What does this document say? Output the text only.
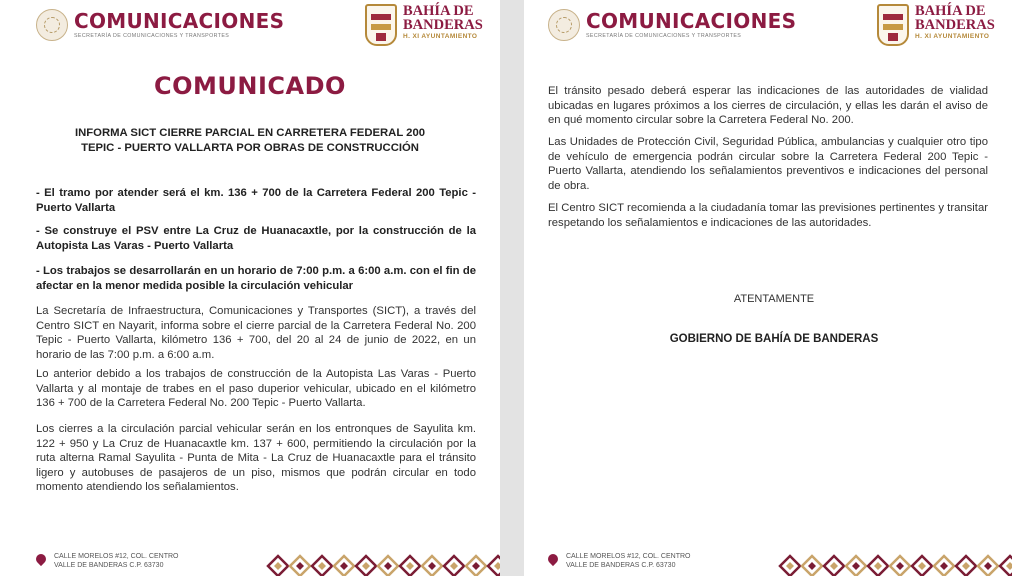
COMUNICACIONES
SECRETARÍA DE COMUNICACIONES Y TRANSPORTES
BAHÍA DE
BANDERAS
H. XI AYUNTAMIENTO
COMUNICADO
INFORMA SICT CIERRE PARCIAL EN CARRETERA FEDERAL 200
TEPIC - PUERTO VALLARTA POR OBRAS DE CONSTRUCCIÓN
- El tramo por atender será el km. 136 + 700 de la Carretera Federal 200 Tepic - Puerto Vallarta
- Se construye el PSV entre La Cruz de Huanacaxtle, por la construcción de la Autopista Las Varas - Puerto Vallarta
- Los trabajos se desarrollarán en un horario de 7:00 p.m. a 6:00 a.m. con el fin de afectar en la menor medida posible la circulación vehicular
La Secretaría de Infraestructura, Comunicaciones y Transportes (SICT), a través del Centro SICT en Nayarit, informa sobre el cierre parcial de la Carretera Federal No. 200 Tepic - Puerto Vallarta, kilómetro 136 + 700, del 20 al 24 de junio de 2022, en un horario de las 7:00 p.m. a 6:00 a.m.
Lo anterior debido a los trabajos de construcción de la Autopista Las Varas - Puerto Vallarta y al montaje de trabes en el paso duperior vehicular, ubicado en el kilómetro 136 + 700 de la Carretera Federal No. 200 Tepic - Puerto Vallarta.
Los cierres a la circulación parcial vehicular serán en los entronques de Sayulita km. 122 + 950 y La Cruz de Huanacaxtle km. 137 + 600, permitiendo la circulación por la ruta alterna Ramal Sayulita - Punta de Mita - La Cruz de Huanacaxtle para el tránsito ligero y autobuses de pasajeros de un piso, mismos que podrán circular en todo momento atendiendo los señalamientos.
CALLE MORELOS #12, COL. CENTRO
VALLE DE BANDERAS C.P. 63730
COMUNICACIONES
SECRETARÍA DE COMUNICACIONES Y TRANSPORTES
BAHÍA DE
BANDERAS
H. XI AYUNTAMIENTO
El tránsito pesado deberá esperar las indicaciones de las autoridades de vialidad ubicadas en lugares próximos a los cierres de circulación, y ellas les darán el aviso de en qué momento circular sobre la Carretera Federal No. 200.
Las Unidades de Protección Civil, Seguridad Pública, ambulancias y cualquier otro tipo de vehículo de emergencia podrán circular sobre la Carretera Federal 200 Tepic - Puerto Vallarta, atendiendo los señalamientos preventivos e indicaciones del personal de obra.
El Centro SICT recomienda a la ciudadanía tomar las previsiones pertinentes y transitar respetando los señalamientos e indicaciones de las autoridades.
ATENTAMENTE
GOBIERNO DE BAHÍA DE BANDERAS
CALLE MORELOS #12, COL. CENTRO
VALLE DE BANDERAS C.P. 63730
